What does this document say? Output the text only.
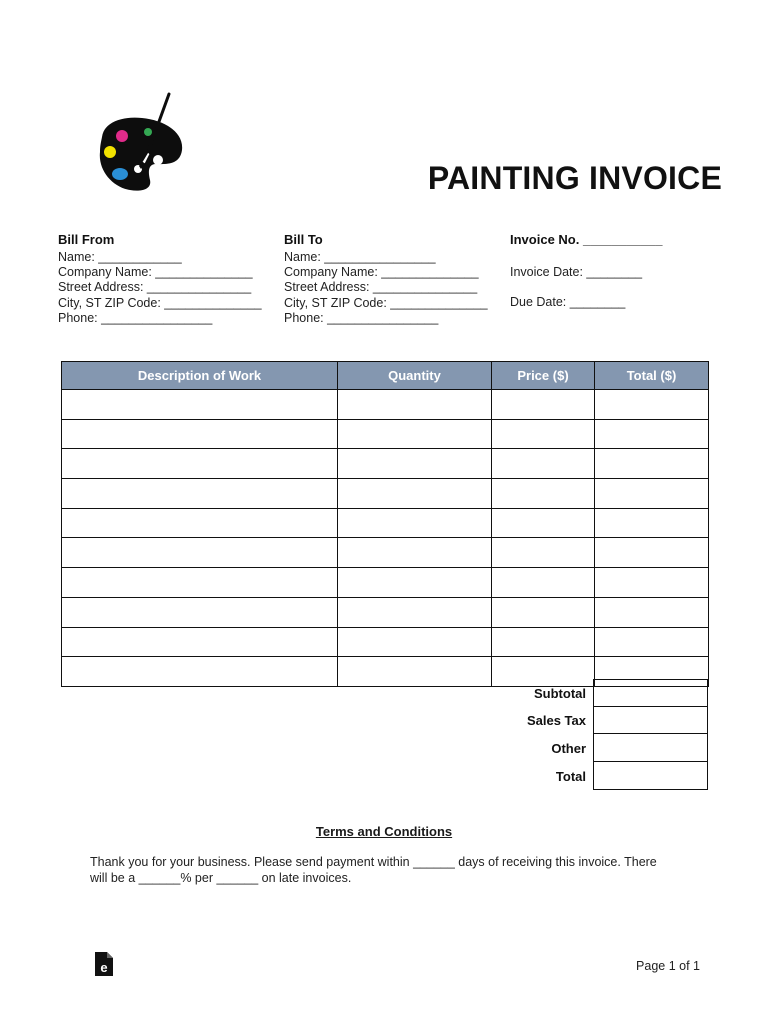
PAINTING INVOICE
Bill From
Name: ____________
Company Name: ______________
Street Address: _______________
City, ST ZIP Code: ______________
Phone: ________________
Bill To
Name: ________________
Company Name: ______________
Street Address: _______________
City, ST ZIP Code: ______________
Phone: ________________
Invoice No. ___________
Invoice Date: ________
Due Date: ________
Description of Work	Quantity	Price ($)	Total ($)

Subtotal
Sales Tax
Other
Total
Terms and Conditions
Thank you for your business. Please send payment within ______ days of receiving this invoice. There
will be a ______% per ______ on late invoices.
e	Page 1 of 1
